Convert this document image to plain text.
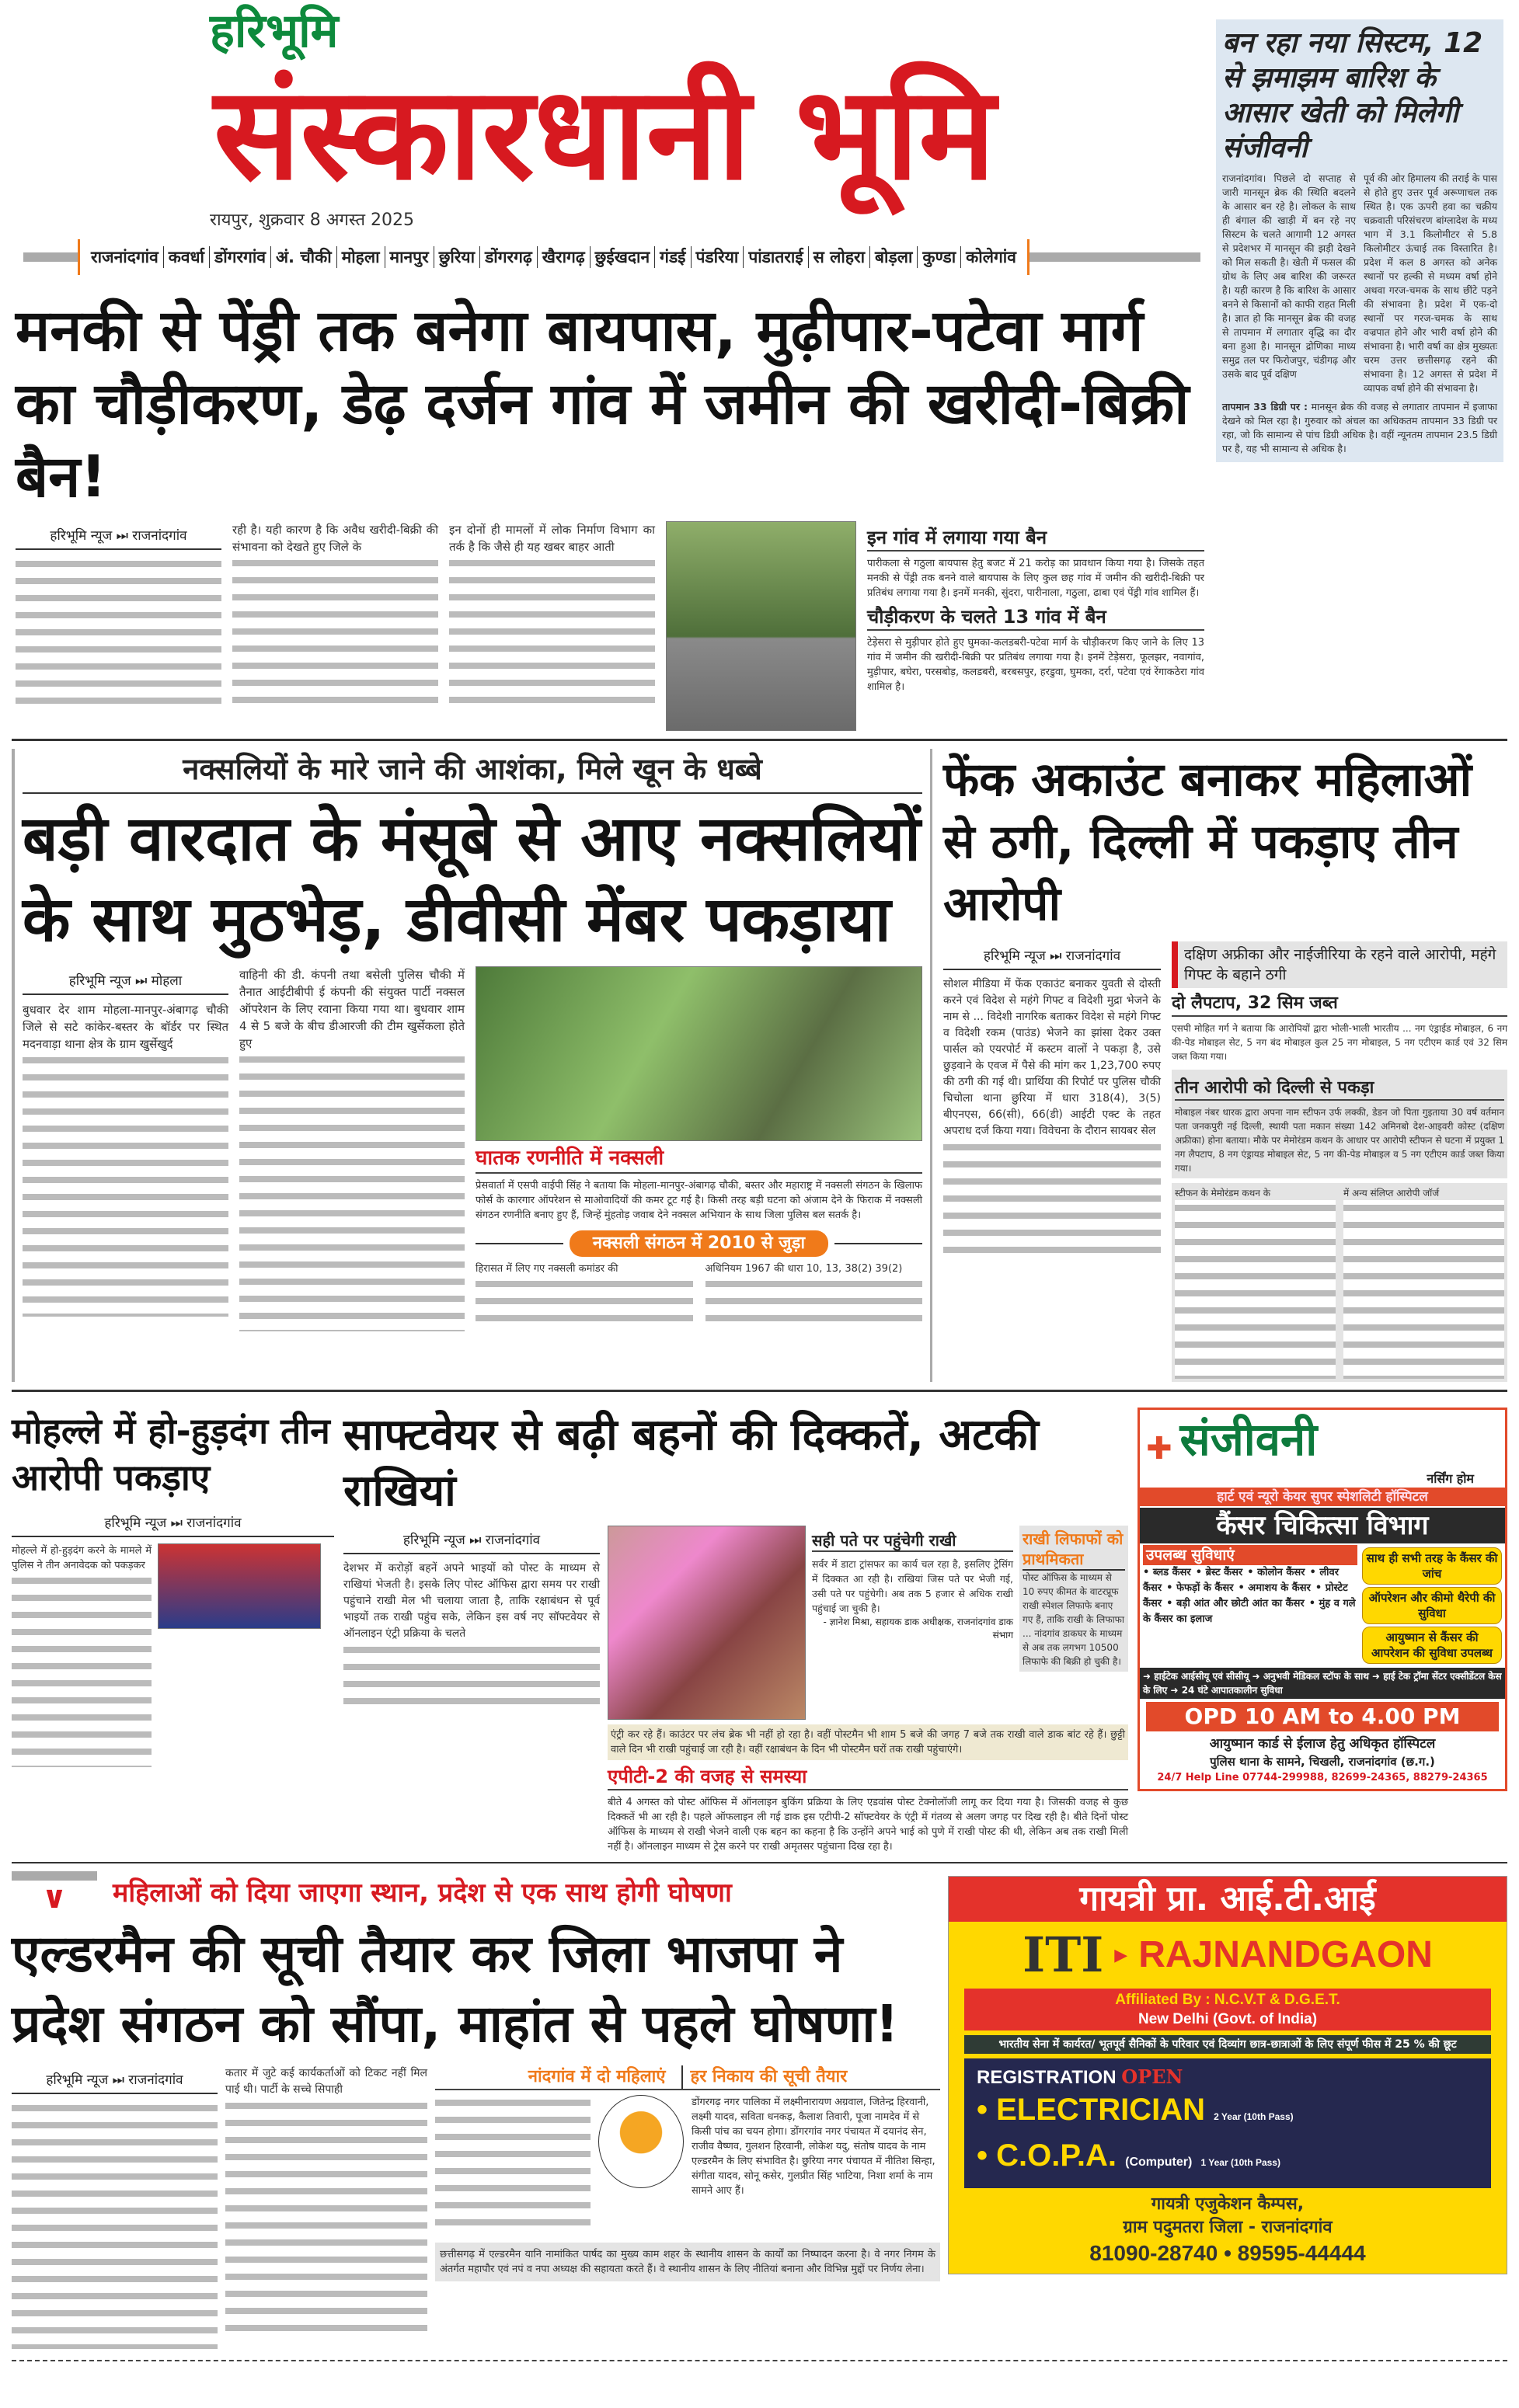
हरिभूमि
संस्कारधानी भूमि
रायपुर, शुक्रवार 8 अगस्त 2025
राजनांदगांव कवर्धा डोंगरगांव अं. चौकी मोहला मानपुर छुरिया डोंगरगढ़ खैरागढ़ छुईखदान गंडई पंडरिया पांडातराई स लोहरा बोड़ला कुण्डा कोलेगांव
मनकी से पेंड्री तक बनेगा बायपास, मुढ़ीपार-पटेवा मार्ग का चौड़ीकरण, डेढ़ दर्जन गांव में जमीन की खरीदी-बिक्री बैन!
हरिभूमि न्यूज ⏭ राजनांदगांव	रही है। यही कारण है कि अवैध खरीदी-बिक्री की संभावना को देखते हुए जिले के
इन दोनों ही मामलों में लोक निर्माण विभाग का तर्क है कि जैसे ही यह खबर बाहर आती	इन गांव में लगाया गया बैन
पारीकला से गठुला बायपास हेतु बजट में 21 करोड़ का प्रावधान किया गया है। जिसके तहत मनकी से पेंड्री तक बनने वाले बायपास के लिए कुल छह गांव में जमीन की खरीदी-बिक्री पर प्रतिबंध लगाया गया है। इनमें मनकी, सुंदरा, पारीनाला, गठुला, ढाबा एवं पेंड्री गांव शामिल हैं।
चौड़ीकरण के चलते 13 गांव में बैन
टेड़ेसरा से मुड़ीपार होते हुए घुमका-कलडबरी-पटेवा मार्ग के चौड़ीकरण किए जाने के लिए 13 गांव में जमीन की खरीदी-बिक्री पर प्रतिबंध लगाया गया है। इनमें टेड़ेसरा, फूलझर, नवागांव, मुड़ीपार, बघेरा, परसबोड़, कलडबरी, बरबसपुर, हरडुवा, घुमका, दर्रा, पटेवा एवं रेंगाकठेरा गांव शामिल है।
बन रहा नया सिस्टम, 12 से झमाझम बारिश के आसार खेती को मिलेगी संजीवनी
राजनांदगांव। पिछले दो सप्ताह से जारी मानसून ब्रेक की स्थिति बदलने के आसार बन रहे है। लोकल के साथ ही बंगाल की खाड़ी में बन रहे नए सिस्टम के चलते आगामी 12 अगस्त से प्रदेशभर में मानसून की झड़ी देखने को मिल सकती है। खेती में फसल की ग्रोथ के लिए अब बारिश की जरूरत है। यही कारण है कि बारिश के आसार बनने से किसानों को काफी राहत मिली है। ज्ञात हो कि मानसून ब्रेक की वजह से तापमान में लगातार वृद्धि का दौर बना हुआ है। मानसून द्रोणिका माध्य समुद्र तल पर फिरोजपुर, चंडीगढ़ और उसके बाद पूर्व दक्षिण
पूर्व की ओर हिमालय की तराई के पास से होते हुए उत्तर पूर्व अरूणाचल तक स्थित है। एक ऊपरी हवा का चक्रीय चक्रवाती परिसंचरण बांग्लादेश के मध्य भाग में 3.1 किलोमीटर से 5.8 किलोमीटर ऊंचाई तक विस्तारित है। प्रदेश में कल 8 अगस्त को अनेक स्थानों पर हल्की से मध्यम वर्षा होने अथवा गरज-चमक के साथ छींटे पड़ने की संभावना है। प्रदेश में एक-दो स्थानों पर गरज-चमक के साथ वज्रपात होने और भारी वर्षा होने की संभावना है। भारी वर्षा का क्षेत्र मुख्यतः चरम उत्तर छत्तीसगढ़ रहने की संभावना है। 12 अगस्त से प्रदेश में व्यापक वर्षा होने की संभावना है।
तापमान 33 डिग्री पर : मानसून ब्रेक की वजह से लगातार तापमान में इजाफा देखने को मिल रहा है। गुरुवार को अंचल का अधिकतम तापमान 33 डिग्री पर रहा, जो कि सामान्य से पांच डिग्री अधिक है। वहीं न्यूनतम तापमान 23.5 डिग्री पर है, यह भी सामान्य से अधिक है।
नक्सलियों के मारे जाने की आशंका, मिले खून के धब्बे
बड़ी वारदात के मंसूबे से आए नक्सलियों के साथ मुठभेड़, डीवीसी मेंबर पकड़ाया
हरिभूमि न्यूज ⏭ मोहला
बुधवार देर शाम मोहला-मानपुर-अंबागढ़ चौकी जिले से सटे कांकेर-बस्तर के बॉर्डर पर स्थित मदनवाड़ा थाना क्षेत्र के ग्राम खुर्सेखुर्द
वाहिनी की डी. कंपनी तथा बसेली पुलिस चौकी में तैनात आईटीबीपी ई कंपनी की संयुक्त पार्टी नक्सल ऑपरेशन के लिए रवाना किया गया था। बुधवार शाम 4 से 5 बजे के बीच डीआरजी की टीम खुर्सेकला होते हुए
घातक रणनीति में नक्सली
प्रेसवार्ता में एसपी वाईपी सिंह ने बताया कि मोहला-मानपुर-अंबागढ़ चौकी, बस्तर और महाराष्ट्र में नक्सली संगठन के खिलाफ फोर्स के कारगार ऑपरेशन से माओवादियों की कमर टूट गई है। किसी तरह बड़ी घटना को अंजाम देने के फिराक में नक्सली संगठन रणनीति बनाए हुए हैं, जिन्हें मुंहतोड़ जवाब देने नक्सल अभियान के साथ जिला पुलिस बल सतर्क है।
नक्सली संगठन में 2010 से जुड़ा
हिरासत में लिए गए नक्सली कमांडर की	अधिनियम 1967 की धारा 10, 13, 38(2) 39(2)
फेंक अकाउंट बनाकर महिलाओं से ठगी, दिल्ली में पकड़ाए तीन आरोपी
हरिभूमि न्यूज ⏭ राजनांदगांव
सोशल मीडिया में फेंक एकाउंट बनाकर युवती से दोस्ती करने एवं विदेश से महंगे गिफ्ट व विदेशी मुद्रा भेजने के नाम से ... विदेशी नागरिक बताकर विदेश से महंगे गिफ्ट व विदेशी रकम (पाउंड) भेजने का झांसा देकर उक्त पार्सल को एयरपोर्ट में कस्टम वालों ने पकड़ा है, उसे छुड़वाने के एवज में पैसे की मांग कर 1,23,700 रुपए की ठगी की गई थी। प्रार्थिया की रिपोर्ट पर पुलिस चौकी चिचोला थाना छुरिया में धारा 318(4), 3(5) बीएनएस, 66(सी), 66(डी) आईटी एक्ट के तहत अपराध दर्ज किया गया। विवेचना के दौरान सायबर सेल
दक्षिण अफ्रीका और नाईजीरिया के रहने वाले आरोपी, महंगे गिफ्ट के बहाने ठगी
दो लैपटाप, 32 सिम जब्त
एसपी मोहित गर्ग ने बताया कि आरोपियों द्वारा भोली-भाली भारतीय ... नग एंड्राईड मोबाइल, 6 नग की-पेड मोबाइल सेट, 5 नग बंद मोबाइल कुल 25 नग मोबाइल, 5 नग एटीएम कार्ड एवं 32 सिम जब्त किया गया।
तीन आरोपी को दिल्ली से पकड़ा
मोबाइल नंबर धारक द्वारा अपना नाम स्टीफन उर्फ लक्की, डेडन जो पिता गुइताया 30 वर्ष वर्तमान पता जनकपुरी नई दिल्ली, स्थायी पता मकान संख्या 142 अमिनबो देश-आइवरी कोस्ट (दक्षिण अफ्रीका) होना बताया। मौके पर मेमोरंडम कथन के आधार पर आरोपी स्टीफन से घटना में प्रयुक्त 1 नग लैपटाप, 8 नग एंड्रायड मोबाइल सेट, 5 नग की-पेड मोबाइल व 5 नग एटीएम कार्ड जब्त किया गया।
स्टीफन के मेमोरंडम कथन के	में अन्य संलिप्त आरोपी जॉर्ज
मोहल्ले में हो-हुड़दंग तीन आरोपी पकड़ाए
हरिभूमि न्यूज ⏭ राजनांदगांव
मोहल्ले में हो-हुड़दंग करने के मामले में पुलिस ने तीन अनावेदक को पकड़कर
साफ्टवेयर से बढ़ी बहनों की दिक्कतें, अटकी राखियां
हरिभूमि न्यूज ⏭ राजनांदगांव
देशभर में करोड़ों बहनें अपने भाइयों को पोस्ट के माध्यम से राखियां भेजती है। इसके लिए पोस्ट ऑफिस द्वारा समय पर राखी पहुंचाने राखी मेल भी चलाया जाता है, ताकि रक्षाबंधन से पूर्व भाइयों तक राखी पहुंच सके, लेकिन इस वर्ष नए सॉफ्टवेयर से ऑनलाइन एंट्री प्रक्रिया के चलते
सही पते पर पहुंचेगी राखी
सर्वर में डाटा ट्रांसफर का कार्य चल रहा है, इसलिए ट्रेसिंग में दिक्कत आ रही है। राखियां जिस पते पर भेजी गई, उसी पते पर पहुंचेगी। अब तक 5 हजार से अधिक राखी पहुंचाई जा चुकी है।
- ज्ञानेश मिश्रा, सहायक डाक अधीक्षक, राजनांदगांव डाक संभाग
राखी लिफाफों को प्राथमिकता
पोस्ट ऑफिस के माध्यम से 10 रुपए कीमत के वाटरप्रूफ राखी स्पेशल लिफाफे बनाए गए हैं, ताकि राखी के लिफाफा ... नांदगांव डाकघर के माध्यम से अब तक लगभग 10500 लिफाफे की बिक्री हो चुकी है।
एंट्री कर रहे हैं। काउंटर पर लंच ब्रेक भी नहीं हो रहा है। वहीं पोस्टमैन भी शाम 5 बजे की जगह 7 बजे तक राखी वाले डाक बांट रहे हैं। छुट्टी वाले दिन भी राखी पहुंचाई जा रही है। वहीं रक्षाबंधन के दिन भी पोस्टमैन घरों तक राखी पहुंचाएंगे।
एपीटी-2 की वजह से समस्या
बीते 4 अगस्त को पोस्ट ऑफिस में ऑनलाइन बुकिंग प्रक्रिया के लिए एडवांस पोस्ट टेक्नोलॉजी लागू कर दिया गया है। जिसकी वजह से कुछ दिक्कतें भी आ रही है। पहले ऑफलाइन ली गई डाक इस एटीपी-2 सॉफ्टवेयर के एंट्री में गंतव्य से अलग जगह पर दिख रही है। बीते दिनों पोस्ट ऑफिस के माध्यम से राखी भेजने वाली एक बहन का कहना है कि उन्होंने अपने भाई को पुणे में राखी पोस्ट की थी, लेकिन अब तक राखी मिली नहीं है। ऑनलाइन माध्यम से ट्रेस करने पर राखी अमृतसर पहुंचाना दिख रहा है।
✚ संजीवनी
नर्सिंग होम
हार्ट एवं न्यूरो केयर सुपर स्पेशलिटी हॉस्पिटल
कैंसर चिकित्सा विभाग
उपलब्ध सुविधाएं
• ब्लड कैंसर • ब्रेस्ट कैंसर • कोलोन कैंसर • लीवर कैंसर • फेफड़ों के कैंसर • अमाशय के कैंसर • प्रोस्टेट कैंसर • बड़ी आंत और छोटी आंत का कैंसर • मुंह व गले के कैंसर का इलाज
साथ ही सभी तरह के कैंसर की जांच
ऑपरेशन और कीमो थैरेपी की सुविधा
आयुष्मान से कैंसर की आपरेशन की सुविधा उपलब्ध
➜ हाईटेक आईसीयू एवं सीसीयू ➜ अनुभवी मेडिकल स्टॉफ के साथ ➜ हाई टेक ट्रॉमा सेंटर एक्सीडेंटल केस के लिए ➜ 24 घंटे आपातकालीन सुविधा
OPD 10 AM to 4.00 PM
आयुष्मान कार्ड से ईलाज हेतु अधिकृत हॉस्पिटल
पुलिस थाना के सामने, चिखली, राजनांदगांव (छ.ग.)
24/7 Help Line 07744-299988, 82699-24365, 88279-24365
∨	महिलाओं को दिया जाएगा स्थान, प्रदेश से एक साथ होगी घोषणा
एल्डरमैन की सूची तैयार कर जिला भाजपा ने प्रदेश संगठन को सौंपा, माहांत से पहले घोषणा!
हरिभूमि न्यूज ⏭ राजनांदगांव	कतार में जुटे कई कार्यकर्ताओं को टिकट नहीं मिल पाई थी। पार्टी के सच्चे सिपाही
नांदगांव में दो महिलाएं	हर निकाय की सूची तैयार
डोंगरगढ़ नगर पालिका में लक्ष्मीनारायण अग्रवाल, जितेन्द्र हिरवानी, लक्ष्मी यादव, सविता धनकड़, कैलाश तिवारी, पूजा नामदेव में से किसी पांच का चयन होगा। डोंगरगांव नगर पंचायत में दयानंद सेन, राजीव वैष्णव, गुलशन हिरवानी, लोकेश यदु, संतोष यादव के नाम एल्डरमैन के लिए संभावित है। छुरिया नगर पंचायत में नीतिश सिन्हा, संगीता यादव, सोनू कसेर, गुलप्रीत सिंह भाटिया, निशा शर्मा के नाम सामने आए हैं।
छत्तीसगढ़ में एल्डरमैन यानि नामांकित पार्षद का मुख्य काम शहर के स्थानीय शासन के कार्यों का निष्पादन करना है। वे नगर निगम के अंतर्गत महापौर एवं नपं व नपा अध्यक्ष की सहायता करते हैं। वे स्थानीय शासन के लिए नीतियां बनाना और विभिन्न मुद्दों पर निर्णय लेना।
गायत्री प्रा. आई.टी.आई
ITI ▶ RAJNANDGAON
Affiliated By : N.C.V.T & D.G.E.T.
New Delhi (Govt. of India)
भारतीय सेना में कार्यरत/ भूतपूर्व सैनिकों के परिवार एवं दिव्यांग छात्र-छात्राओं के लिए संपूर्ण फीस में 25 % की छूट
REGISTRATION OPEN
• ELECTRICIAN 2 Year (10th Pass)
• C.O.P.A. (Computer) 1 Year (10th Pass)
गायत्री एजुकेशन कैम्पस,
ग्राम पदुमतरा जिला - राजनांदगांव
81090-28740 • 89595-44444
